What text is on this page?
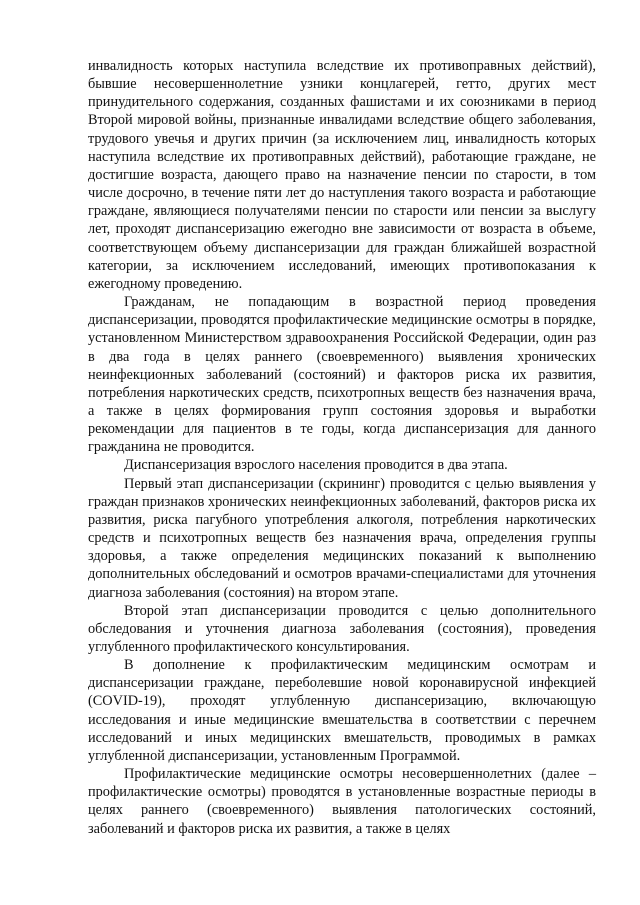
инвалидность которых наступила вследствие их противоправных действий), бывшие несовершеннолетние узники концлагерей, гетто, других мест принудительного содержания, созданных фашистами и их союзниками в период Второй мировой войны, признанные инвалидами вследствие общего заболевания, трудового увечья и других причин (за исключением лиц, инвалидность которых наступила вследствие их противоправных действий), работающие граждане, не достигшие возраста, дающего право на назначение пенсии по старости, в том числе досрочно, в течение пяти лет до наступления такого возраста и работающие граждане, являющиеся получателями пенсии по старости или пенсии за выслугу лет, проходят диспансеризацию ежегодно вне зависимости от возраста в объеме, соответствующем объему диспансеризации для граждан ближайшей возрастной категории, за исключением исследований, имеющих противопоказания к ежегодному проведению.

Гражданам, не попадающим в возрастной период проведения диспансеризации, проводятся профилактические медицинские осмотры в порядке, установленном Министерством здравоохранения Российской Федерации, один раз в два года в целях раннего (своевременного) выявления хронических неинфекционных заболеваний (состояний) и факторов риска их развития, потребления наркотических средств, психотропных веществ без назначения врача, а также в целях формирования групп состояния здоровья и выработки рекомендации для пациентов в те годы, когда диспансеризация для данного гражданина не проводится.

Диспансеризация взрослого населения проводится в два этапа.

Первый этап диспансеризации (скрининг) проводится с целью выявления у граждан признаков хронических неинфекционных заболеваний, факторов риска их развития, риска пагубного употребления алкоголя, потребления наркотических средств и психотропных веществ без назначения врача, определения группы здоровья, а также определения медицинских показаний к выполнению дополнительных обследований и осмотров врачами-специалистами для уточнения диагноза заболевания (состояния) на втором этапе.

Второй этап диспансеризации проводится с целью дополнительного обследования и уточнения диагноза заболевания (состояния), проведения углубленного профилактического консультирования.

В дополнение к профилактическим медицинским осмотрам и диспансеризации граждане, переболевшие новой коронавирусной инфекцией (COVID-19), проходят углубленную диспансеризацию, включающую исследования и иные медицинские вмешательства в соответствии с перечнем исследований и иных медицинских вмешательств, проводимых в рамках углубленной диспансеризации, установленным Программой.

Профилактические медицинские осмотры несовершеннолетних (далее – профилактические осмотры) проводятся в установленные возрастные периоды в целях раннего (своевременного) выявления патологических состояний, заболеваний и факторов риска их развития, а также в целях
